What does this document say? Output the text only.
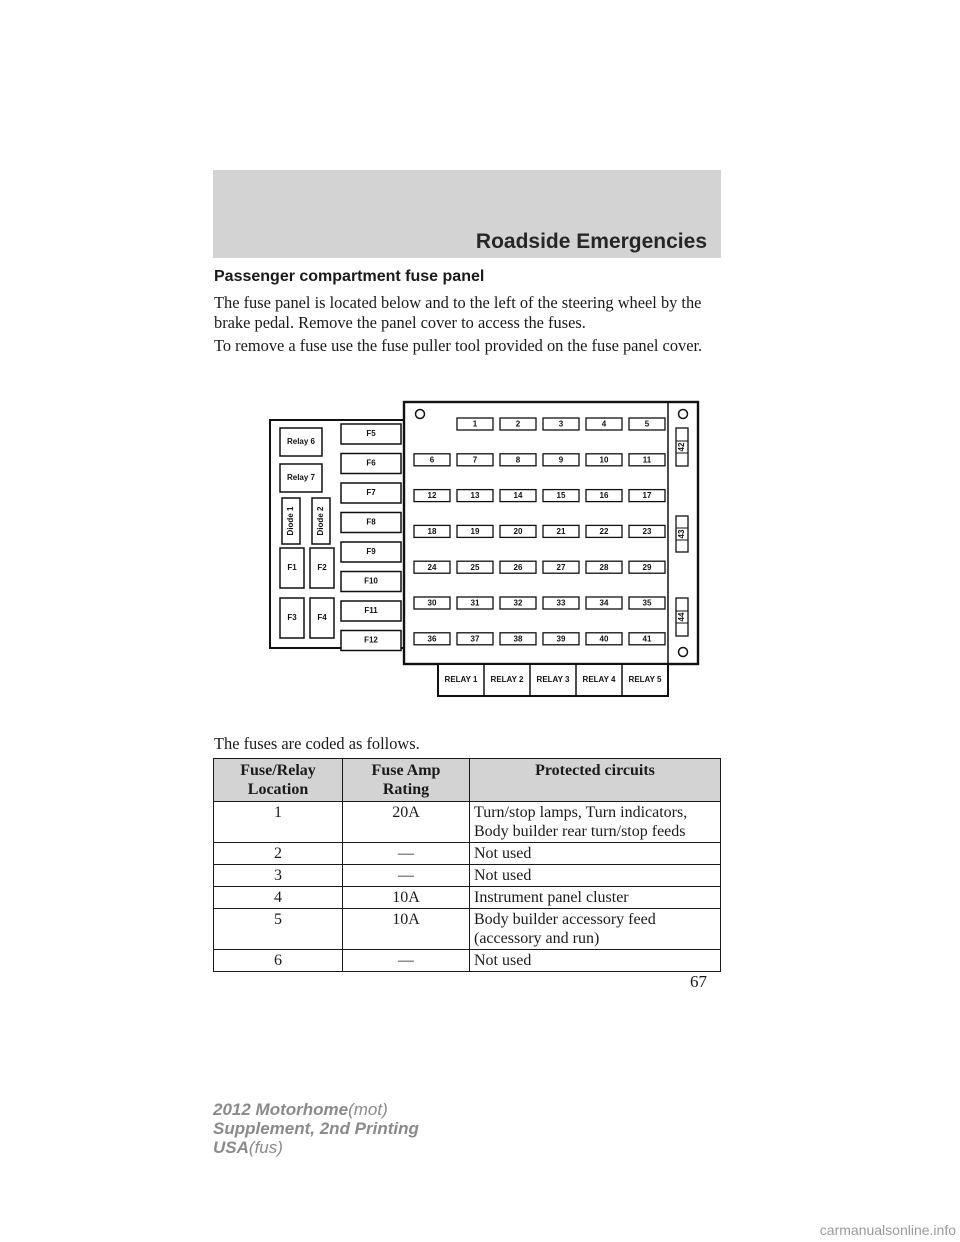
Roadside Emergencies
Passenger compartment fuse panel
The fuse panel is located below and to the left of the steering wheel by the brake pedal. Remove the panel cover to access the fuses.
To remove a fuse use the fuse puller tool provided on the fuse panel cover.
Relay 6
Relay 7
Diode 1	Diode 2
F1	F2
F3	F4
F5
F6
F7
F8
F9
F10
F11
F12
1	2	3	4	5
6	7	8	9	10	11
12	13	14	15	16	17
18	19	20	21	22	23
24	25	26	27	28	29
30	31	32	33	34	35
36	37	38	39	40	41
42
43
44
RELAY 1 RELAY 2 RELAY 3 RELAY 4 RELAY 5
The fuses are coded as follows.
Fuse/Relay Location	Fuse Amp Rating	Protected circuits
1	20A	Turn/stop lamps, Turn indicators, Body builder rear turn/stop feeds
2	—	Not used
3	—	Not used
4	10A	Instrument panel cluster
5	10A	Body builder accessory feed (accessory and run)
6	—	Not used
67
2012 Motorhome(mot)
Supplement, 2nd Printing
USA(fus)
carmanualsonline.info
